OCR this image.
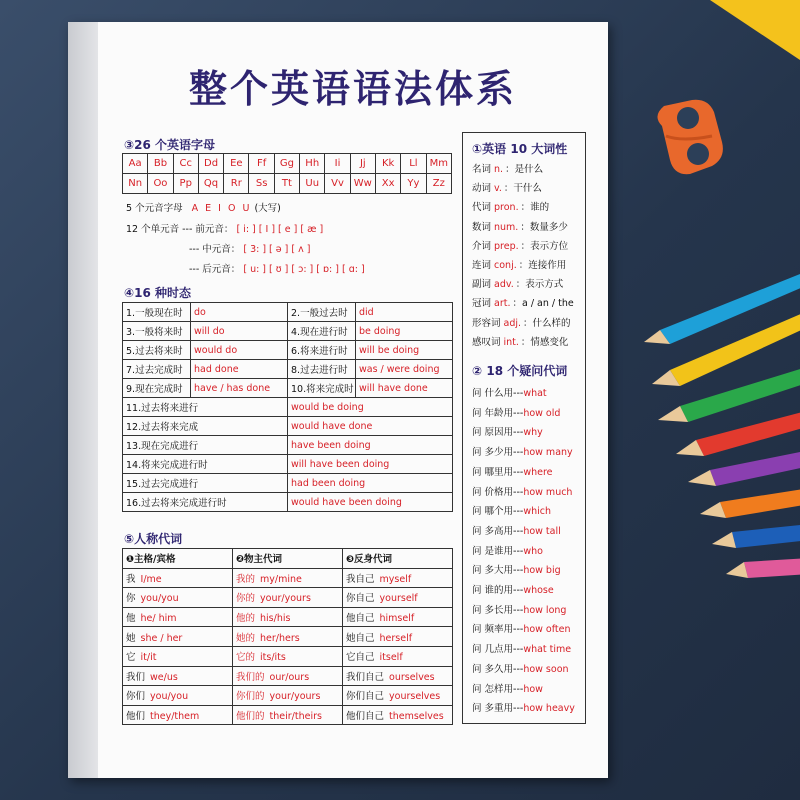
整个英语语法体系
③26 个英语字母
Aa	Bb	Cc	Dd	Ee	Ff	Gg	Hh	Ii	Jj	Kk	Ll	Mm
Nn	Oo	Pp	Qq	Rr	Ss	Tt	Uu	Vv	Ww	Xx	Yy	Zz
5 个元音字母 A E I O U (大写)
12 个单元音 --- 前元音： [ i: ] [ I ] [ e ] [ æ ]
--- 中元音： [ 3: ] [ ə ] [ ʌ ]
--- 后元音： [ u: ] [ ʊ ] [ ɔ: ] [ ɒ: ] [ ɑ: ]
④16 种时态
1.一般现在时	do	2.一般过去时	did
3.一般将来时	will do	4.现在进行时	be doing
5.过去将来时	would do	6.将来进行时	will be doing
7.过去完成时	had done	8.过去进行时	was / were doing
9.现在完成时	have / has done	10.将来完成时	will have done
11.过去将来进行		would be doing	
12.过去将来完成		would have done	
13.现在完成进行		have been doing	
14.将来完成进行时		will have been doing	
15.过去完成进行		had been doing	
16.过去将来完成进行时		would have been doing	
⑤人称代词
❶主格/宾格	❷物主代词	❸反身代词
我 I/me	我的 my/mine	我自己 myself
你 you/you	你的 your/yours	你自己 yourself
他 he/ him	他的 his/his	他自己 himself
她 she / her	她的 her/hers	她自己 herself
它 it/it	它的 its/its	它自己 itself
我们 we/us	我们的 our/ours	我们自己 ourselves
你们 you/you	你们的 your/yours	你们自己 yourselves
他们 they/them	他们的 their/theirs	他们自己 themselves
①英语 10 大词性
名词 n. ：是什么
动词 v. ：干什么
代词 pron. ：谁的
数词 num. ：数量多少
介词 prep. ：表示方位
连词 conj. ：连接作用
副词 adv. ：表示方式
冠词 art. ：a / an / the
形容词 adj. ：什么样的
感叹词 int. ：情感变化
② 18 个疑问代词
问 什么用---what
问 年龄用---how old
问 原因用---why
问 多少用---how many
问 哪里用---where
问 价格用---how much
问 哪个用---which
问 多高用---how tall
问 是谁用---who
问 多大用---how big
问 谁的用---whose
问 多长用---how long
问 频率用---how often
问 几点用---what time
问 多久用---how soon
问 怎样用---how
问 多重用---how heavy
